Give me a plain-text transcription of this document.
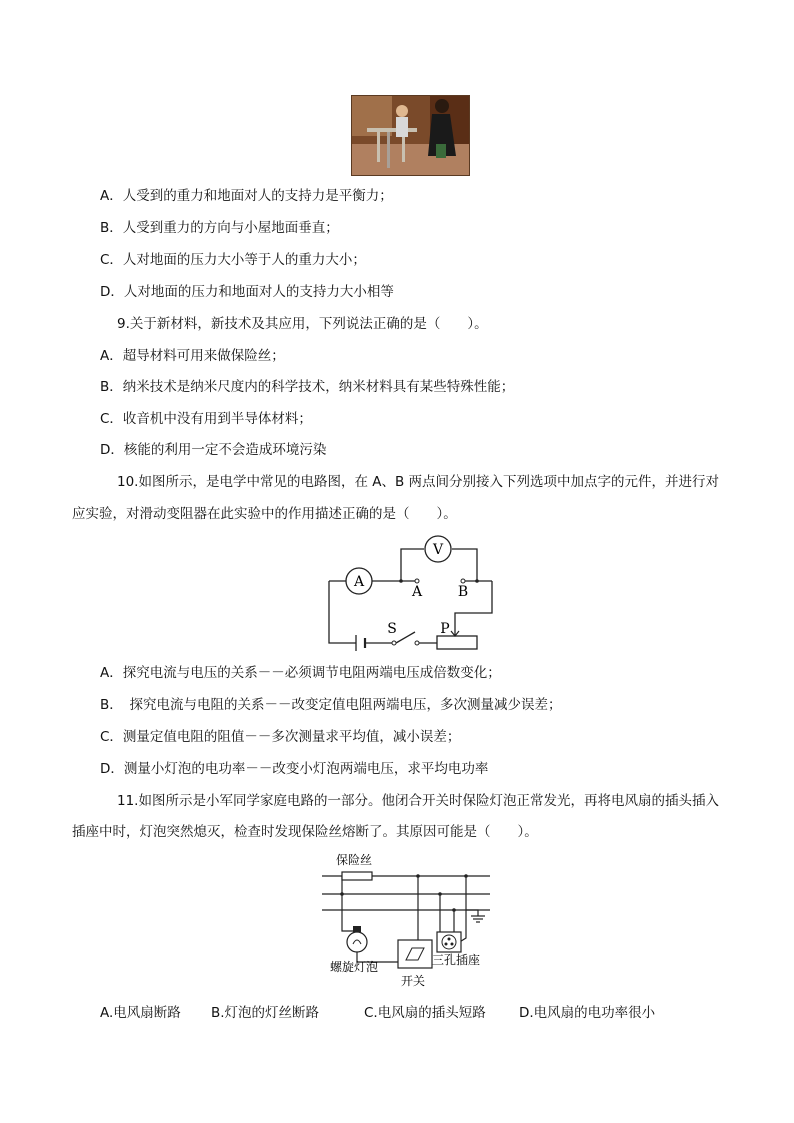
A．人受到的重力和地面对人的支持力是平衡力；
B．人受到重力的方向与小屋地面垂直；
C．人对地面的压力大小等于人的重力大小；
D．人对地面的压力和地面对人的支持力大小相等
9.关于新材料，新技术及其应用，下列说法正确的是（　　）。
A．超导材料可用来做保险丝；
B．纳米技术是纳米尺度内的科学技术，纳米材料具有某些特殊性能；
C．收音机中没有用到半导体材料；
D．核能的利用一定不会造成环境污染
10.如图所示，是电学中常见的电路图，在 A、B 两点间分别接入下列选项中加点字的元件，并进行对
应实验，对滑动变阻器在此实验中的作用描述正确的是（　　）。
A
V
A	B
S	P
A．探究电流与电压的关系－－必须调节电阻两端电压成倍数变化；
B．　探究电流与电阻的关系－－改变定值电阻两端电压，多次测量减少误差；
C．测量定值电阻的阻值－－多次测量求平均值，减小误差；
D．测量小灯泡的电功率－－改变小灯泡两端电压，求平均电功率
11.如图所示是小军同学家庭电路的一部分。他闭合开关时保险灯泡正常发光，再将电风扇的插头插入
插座中时，灯泡突然熄灭，检查时发现保险丝熔断了。其原因可能是（　　）。
保险丝
螺旋灯泡
开关
三孔插座
A.电风扇断路 B.灯泡的灯丝断路	C.电风扇的插头短路 D.电风扇的电功率很小
